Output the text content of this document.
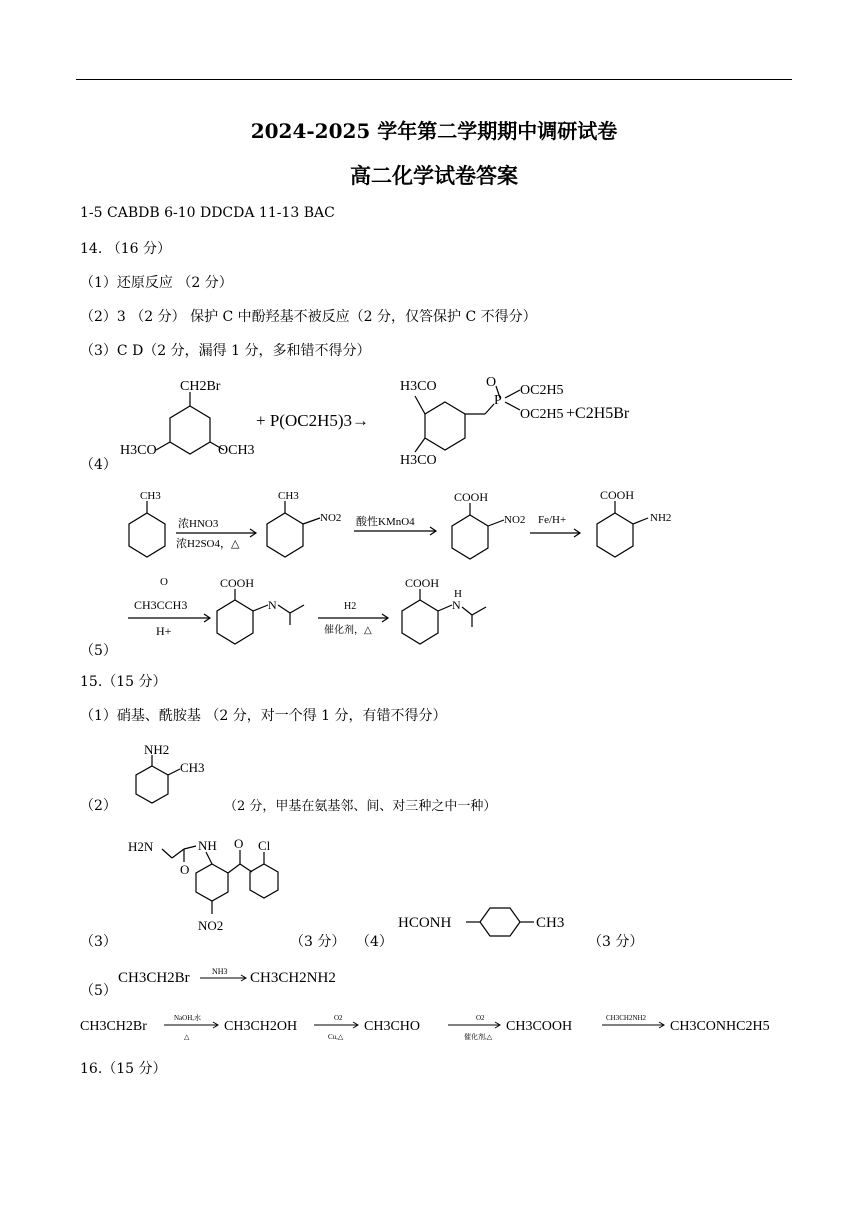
2024-2025 学年第二学期期中调研试卷
高二化学试卷答案
1-5 CABDB 6-10 DDCDA 11-13 BAC
14. （16 分）
（1）还原反应 （2 分）
（2）3 （2 分） 保护 C 中酚羟基不被反应（2 分，仅答保护 C 不得分）
（3）C D（2 分，漏得 1 分，多和错不得分）
（4）
CH2Br
H3CO	OCH3
+ P(OC2H5)3→
H3CO
H3CO
O
P
OC2H5
OC2H5 +C2H5Br
CH3
浓HNO3
浓H2SO4，△
CH3
NO2 酸性KMnO4
COOH
NO2 Fe/H+
COOH
NH2
O
CH3CCH3
H+
COOH
N	H2
催化剂，△
COOH
H
N
（5）
15.（15 分）
（1）硝基、酰胺基 （2 分，对一个得 1 分，有错不得分）
（2）
NH2
CH3
（2 分，甲基在氨基邻、间、对三种之中一种）
（3）
H2N	NH
O
O Cl
NO2
（3 分） （4）
HCONH	CH3
（3 分）
（5）
CH3CH2Br	NH3 CH3CH2NH2
CH3CH2Br	CH3CH2OH	CH3CHO	CH3COOH	CH3CONHC2H5
NaOH,水
△
O2
Cu,△
O2
催化剂,△
CH3CH2NH2
16.（15 分）
